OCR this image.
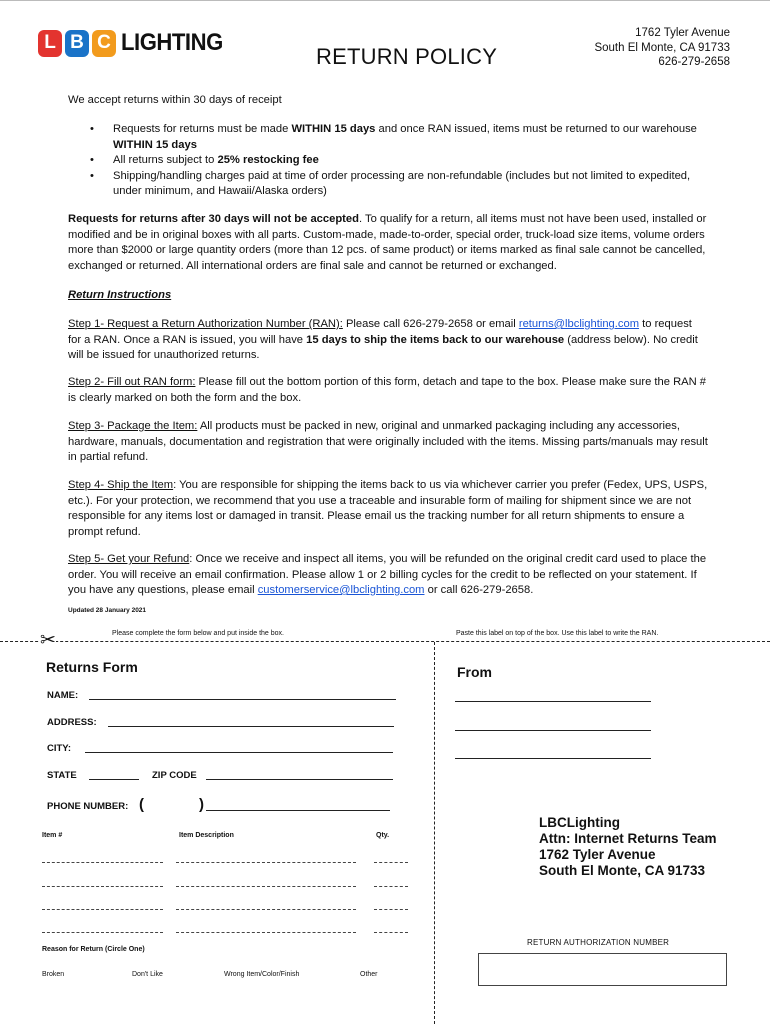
L B C LIGHTING
RETURN POLICY
1762 Tyler Avenue
South El Monte, CA 91733
626-279-2658
We accept returns within 30 days of receipt
• Requests for returns must be made WITHIN 15 days and once RAN issued, items must be returned to our warehouse WITHIN 15 days
• All returns subject to 25% restocking fee
• Shipping/handling charges paid at time of order processing are non-refundable (includes but not limited to expedited, under minimum, and Hawaii/Alaska orders)
Requests for returns after 30 days will not be accepted. To qualify for a return, all items must not have been used, installed or modified and be in original boxes with all parts. Custom-made, made-to-order, special order, truck-load size items, volume orders more than $2000 or large quantity orders (more than 12 pcs. of same product) or items marked as final sale cannot be cancelled, exchanged or returned. All international orders are final sale and cannot be returned or exchanged.
Return Instructions
Step 1- Request a Return Authorization Number (RAN): Please call 626-279-2658 or email returns@lbclighting.com to request for a RAN. Once a RAN is issued, you will have 15 days to ship the items back to our warehouse (address below). No credit will be issued for unauthorized returns.
Step 2- Fill out RAN form: Please fill out the bottom portion of this form, detach and tape to the box. Please make sure the RAN # is clearly marked on both the form and the box.
Step 3- Package the Item: All products must be packed in new, original and unmarked packaging including any accessories, hardware, manuals, documentation and registration that were originally included with the items. Missing parts/manuals may result in partial refund.
Step 4- Ship the Item: You are responsible for shipping the items back to us via whichever carrier you prefer (Fedex, UPS, USPS, etc.). For your protection, we recommend that you use a traceable and insurable form of mailing for shipment since we are not responsible for any items lost or damaged in transit. Please email us the tracking number for all return shipments to ensure a prompt refund.
Step 5- Get your Refund: Once we receive and inspect all items, you will be refunded on the original credit card used to place the order. You will receive an email confirmation. Please allow 1 or 2 billing cycles for the credit to be reflected on your statement. If you have any questions, please email customerservice@lbclighting.com or call 626-279-2658.
Updated 28 January 2021
✂	Please complete the form below and put inside the box.	Paste this label on top of the box. Use this label to write the RAN.
Returns Form
NAME:
ADDRESS:
CITY:
STATE	ZIP CODE
PHONE NUMBER: (	)
Item #	Item Description	Qty.
Reason for Return (Circle One)
Broken	Don't Like	Wrong Item/Color/Finish	Other
From
LBCLighting
Attn: Internet Returns Team
1762 Tyler Avenue
South El Monte, CA 91733
RETURN AUTHORIZATION NUMBER
